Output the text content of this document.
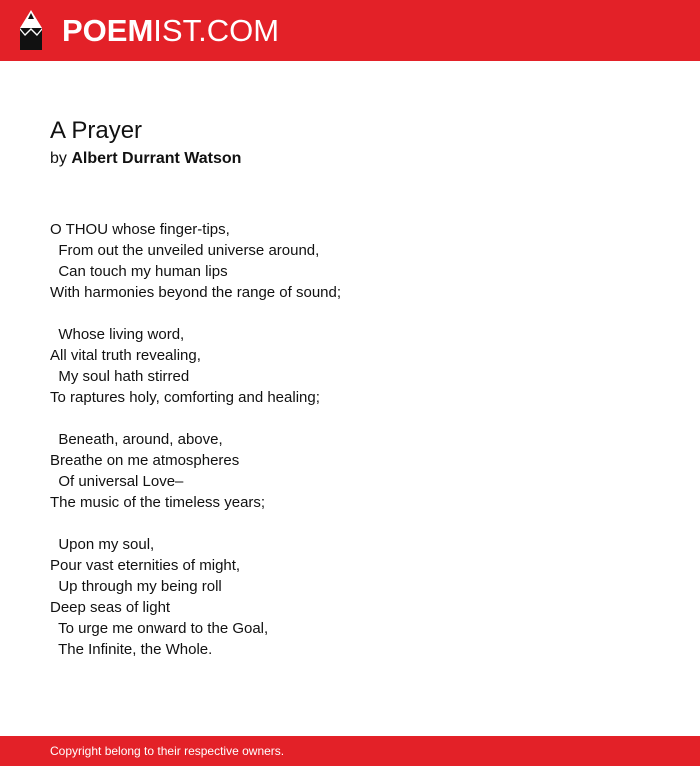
POEMIST.COM
A Prayer
by Albert Durrant Watson
O THOU whose finger-tips,
From out the unveiled universe around,
Can touch my human lips
With harmonies beyond the range of sound;
Whose living word,
All vital truth revealing,
My soul hath stirred
To raptures holy, comforting and healing;
Beneath, around, above,
Breathe on me atmospheres
Of universal Love–
The music of the timeless years;
Upon my soul,
Pour vast eternities of might,
Up through my being roll
Deep seas of light
To urge me onward to the Goal,
The Infinite, the Whole.
Copyright belong to their respective owners.
